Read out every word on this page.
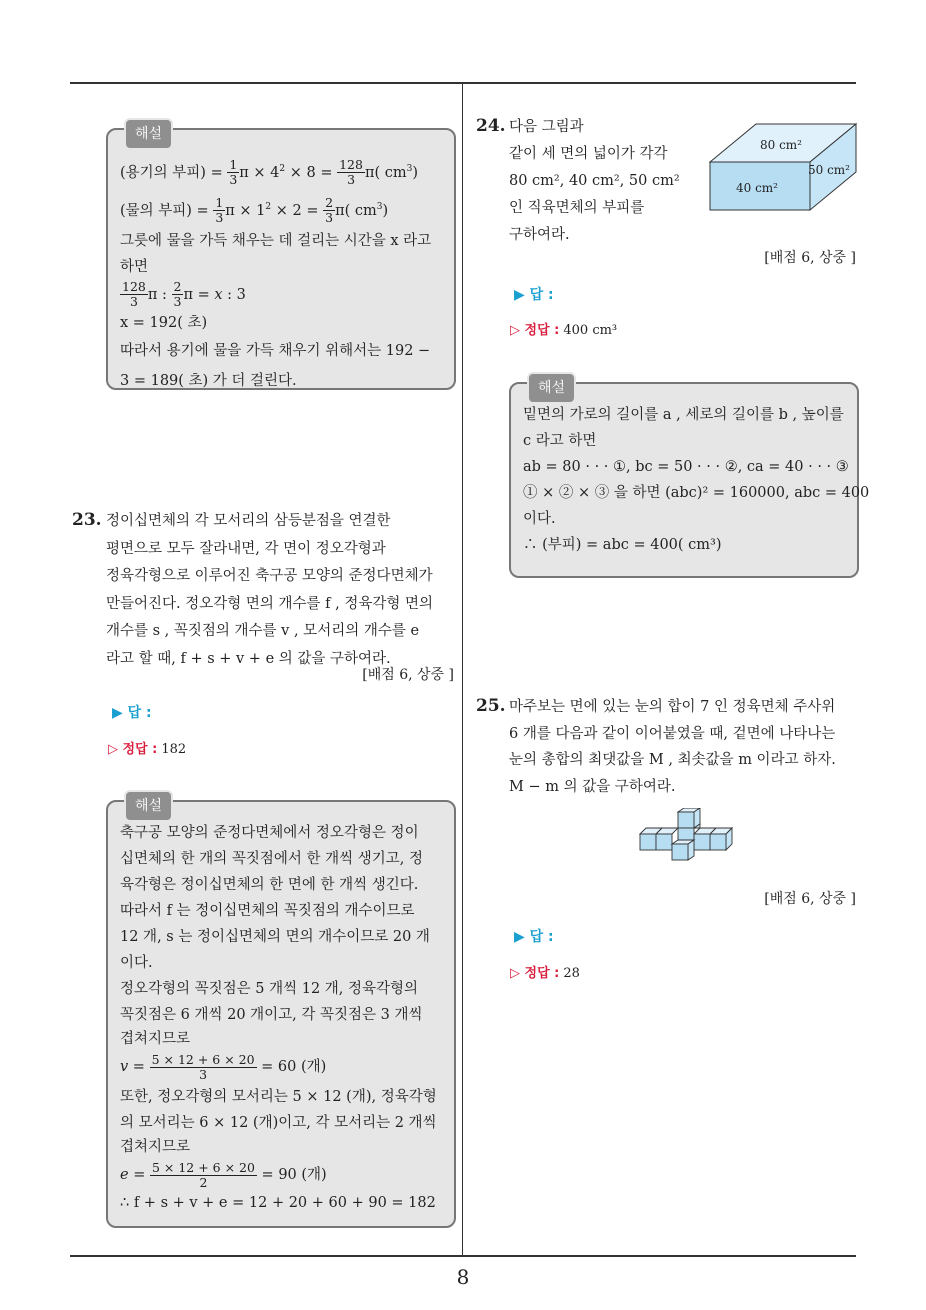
해설
(용기의 부피) = $\frac{1}{3}$ $\pi \times 4^2 \times 8 = \frac{128}{3} \pi$( $cm^3$)
(물의 부피) = $\frac{1}{3}$ $\pi \times 1^2 \times 2 = \frac{2}{3} \pi$( $cm^3$)
그릇에 물을 가득 채우는 데 걸리는 시간을 x 라고
하면
$\frac{128}{3}$ π : $\frac{2}{3}$ π = x : 3
x = 192( 초)
따라서 용기에 물을 가득 채우기 위해서는 192 −
3 = 189( 초) 가 더 걸린다.
23. 정이십면체의 각 모서리의 삼등분점을 연결한
평면으로 모두 잘라내면, 각 면이 정오각형과
정육각형으로 이루어진 축구공 모양의 준정다면체가
만들어진다. 정오각형 면의 개수를 f , 정육각형 면의
개수를 s , 꼭짓점의 개수를 v , 모서리의 개수를 e
라고 할 때, f + s + v + e 의 값을 구하여라.
[배점 6, 상중 ]
▶ 답 :
▷ 정답 : 182
해설
축구공 모양의 준정다면체에서 정오각형은 정이
십면체의 한 개의 꼭짓점에서 한 개씩 생기고, 정
육각형은 정이십면체의 한 면에 한 개씩 생긴다.
따라서 f 는 정이십면체의 꼭짓점의 개수이므로
12 개, s 는 정이십면체의 면의 개수이므로 20 개
이다.
정오각형의 꼭짓점은 5 개씩 12 개, 정육각형의
꼭짓점은 6 개씩 20 개이고, 각 꼭짓점은 3 개씩
겹쳐지므로
$v = \frac{5 \times 12 + 6 \times 20}{3} = 60$ (개)
또한, 정오각형의 모서리는 5 × 12 (개), 정육각형
의 모서리는 6 × 12 (개)이고, 각 모서리는 2 개씩
겹쳐지므로
$e = \frac{5 \times 12 + 6 \times 20}{2} = 90$ (개)
∴ f + s + v + e = 12 + 20 + 60 + 90 = 182
24. 다음 그림과
같이 세 면의 넓이가 각각
80 cm², 40 cm², 50 cm²
인 직육면체의 부피를
구하여라.
80 cm²
50 cm²
40 cm²
[배점 6, 상중 ]
▶ 답 :
▷ 정답 : 400 cm³
해설
밑면의 가로의 길이를 a , 세로의 길이를 b , 높이를
c 라고 하면
ab = 80 · · · ①, bc = 50 · · · ②, ca = 40 · · · ③
① × ② × ③ 을 하면 (abc)² = 160000, abc = 400
이다.
∴ (부피) = abc = 400( cm³)
25. 마주보는 면에 있는 눈의 합이 7 인 정육면체 주사위
6 개를 다음과 같이 이어붙였을 때, 겉면에 나타나는
눈의 총합의 최댓값을 M , 최솟값을 m 이라고 하자.
M − m 의 값을 구하여라.
[배점 6, 상중 ]
▶ 답 :
▷ 정답 : 28
8
